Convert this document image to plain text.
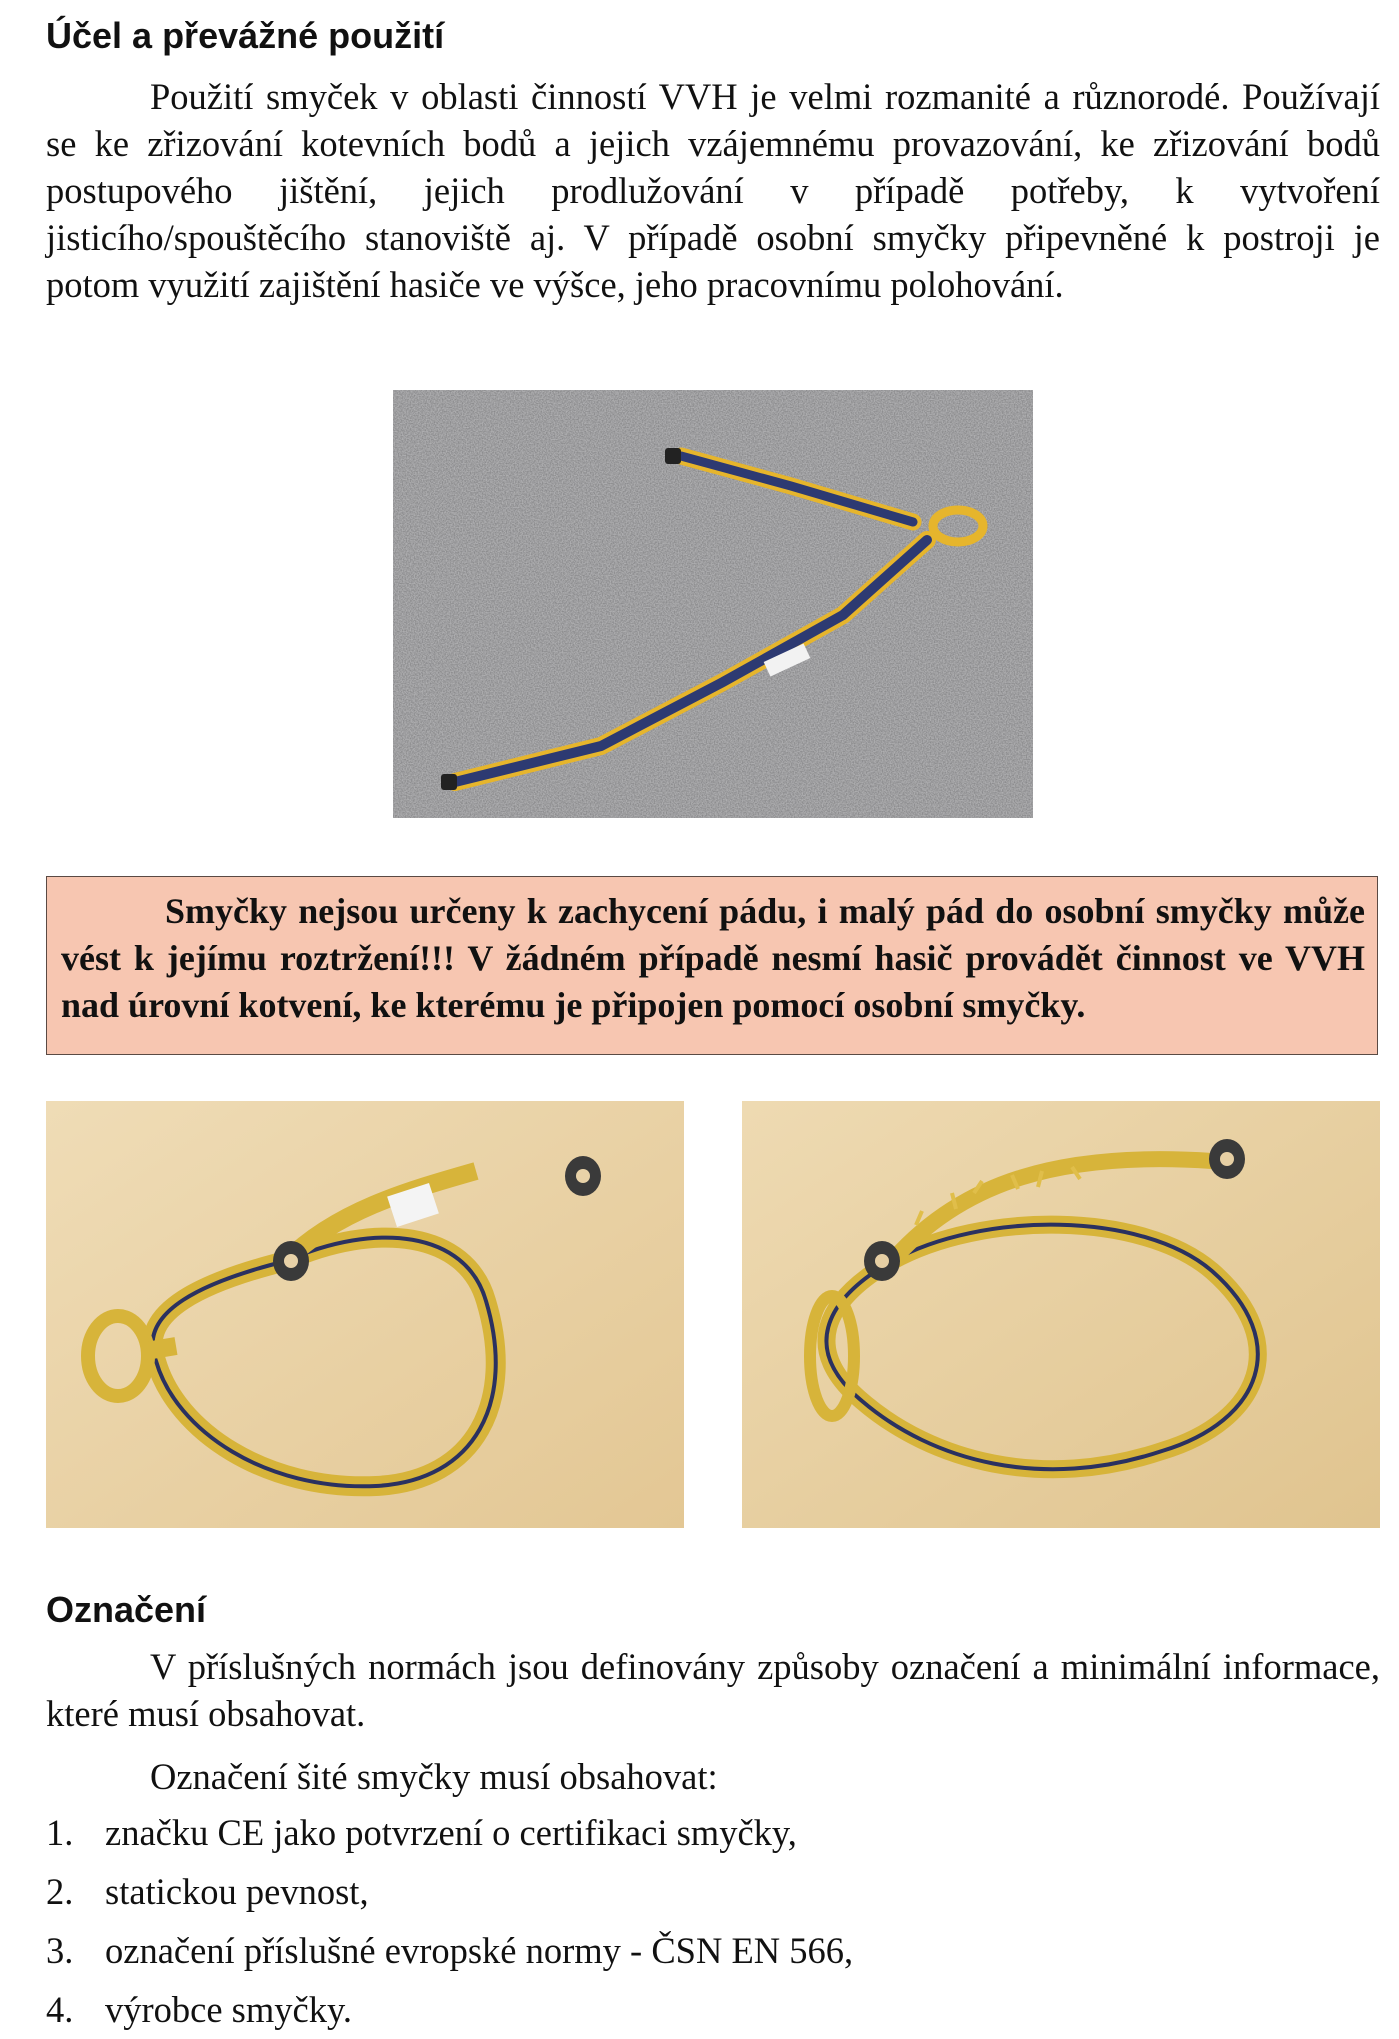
Účel a převážné použití

Použití smyček v oblasti činností VVH je velmi rozmanité a různorodé. Používají se ke zřizování kotevních bodů a jejich vzájemnému provazování, ke zřizování bodů postupového jištění, jejich prodlužování v případě potřeby, k vytvoření jisticího/spouštěcího stanoviště aj. V případě osobní smyčky připevněné k postroji je potom využití zajištění hasiče ve výšce, jeho pracovnímu polohování.

Smyčky nejsou určeny k zachycení pádu, i malý pád do osobní smyčky může vést k jejímu roztržení!!! V žádném případě nesmí hasič provádět činnost ve VVH nad úrovní kotvení, ke kterému je připojen pomocí osobní smyčky.

Označení

V příslušných normách jsou definovány způsoby označení a minimální informace, které musí obsahovat.

Označení šité smyčky musí obsahovat:

1. značku CE jako potvrzení o certifikaci smyčky,
2. statickou pevnost,
3. označení příslušné evropské normy - ČSN EN 566,
4. výrobce smyčky.
